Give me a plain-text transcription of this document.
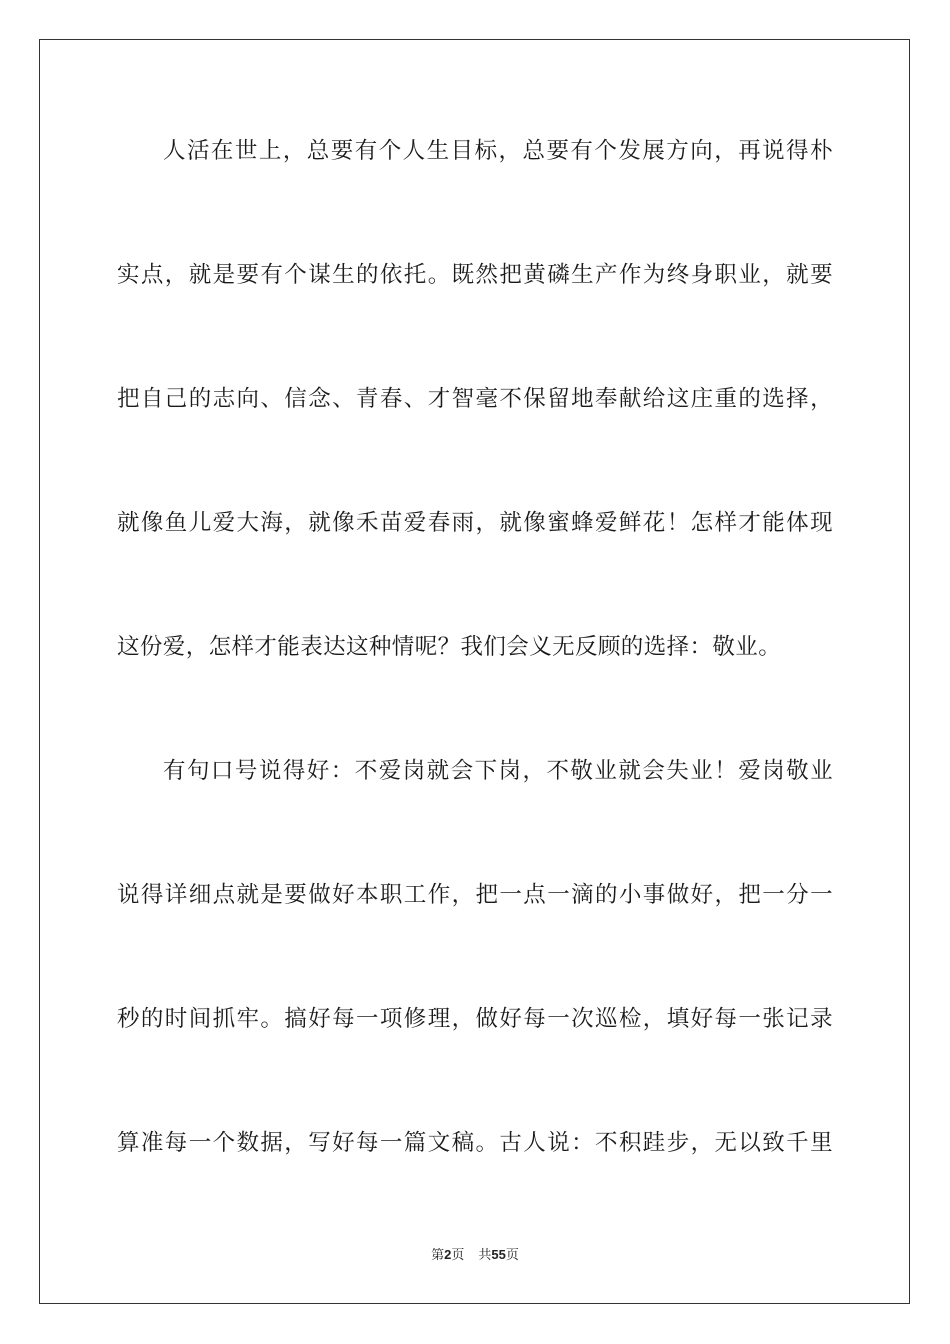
人活在世上，总要有个人生目标，总要有个发展方向，再说得朴
实点，就是要有个谋生的依托。既然把黄磷生产作为终身职业，就要
把自己的志向、信念、青春、才智毫不保留地奉献给这庄重的选择，
就像鱼儿爱大海，就像禾苗爱春雨，就像蜜蜂爱鲜花！怎样才能体现
这份爱，怎样才能表达这种情呢？我们会义无反顾的选择：敬业。
有句口号说得好：不爱岗就会下岗，不敬业就会失业！爱岗敬业
说得详细点就是要做好本职工作，把一点一滴的小事做好，把一分一
秒的时间抓牢。搞好每一项修理，做好每一次巡检，填好每一张记录
算准每一个数据，写好每一篇文稿。古人说：不积跬步，无以致千里
第2页 共55页
